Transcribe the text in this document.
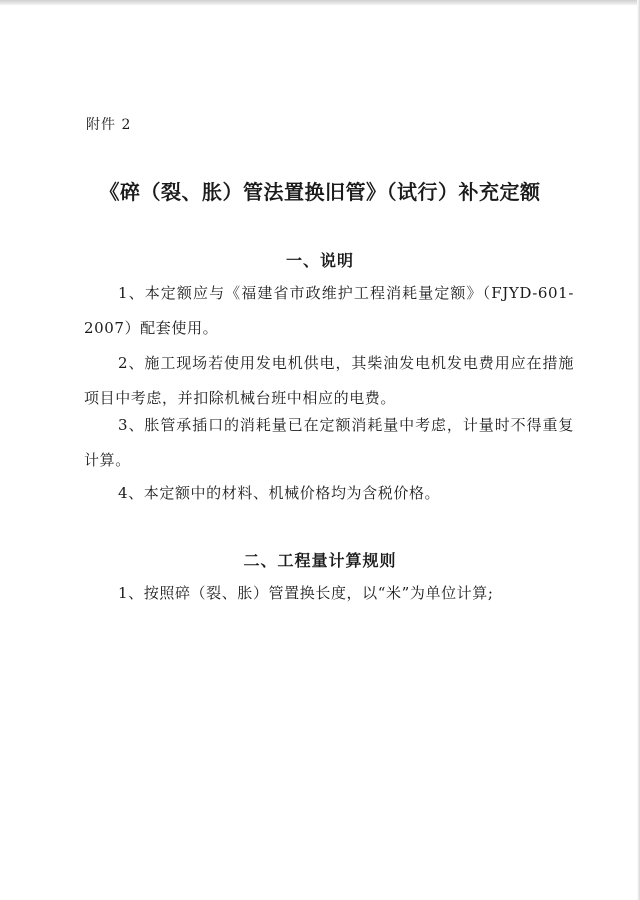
附件 2
《碎（裂、胀）管法置换旧管》（试行）补充定额
一、说明

1、本定额应与《福建省市政维护工程消耗量定额》（FJYD-601-2007）配套使用。

2、施工现场若使用发电机供电，其柴油发电机发电费用应在措施项目中考虑，并扣除机械台班中相应的电费。

3、胀管承插口的消耗量已在定额消耗量中考虑，计量时不得重复计算。

4、本定额中的材料、机械价格均为含税价格。

二、工程量计算规则

1、按照碎（裂、胀）管置换长度，以“米”为单位计算;
